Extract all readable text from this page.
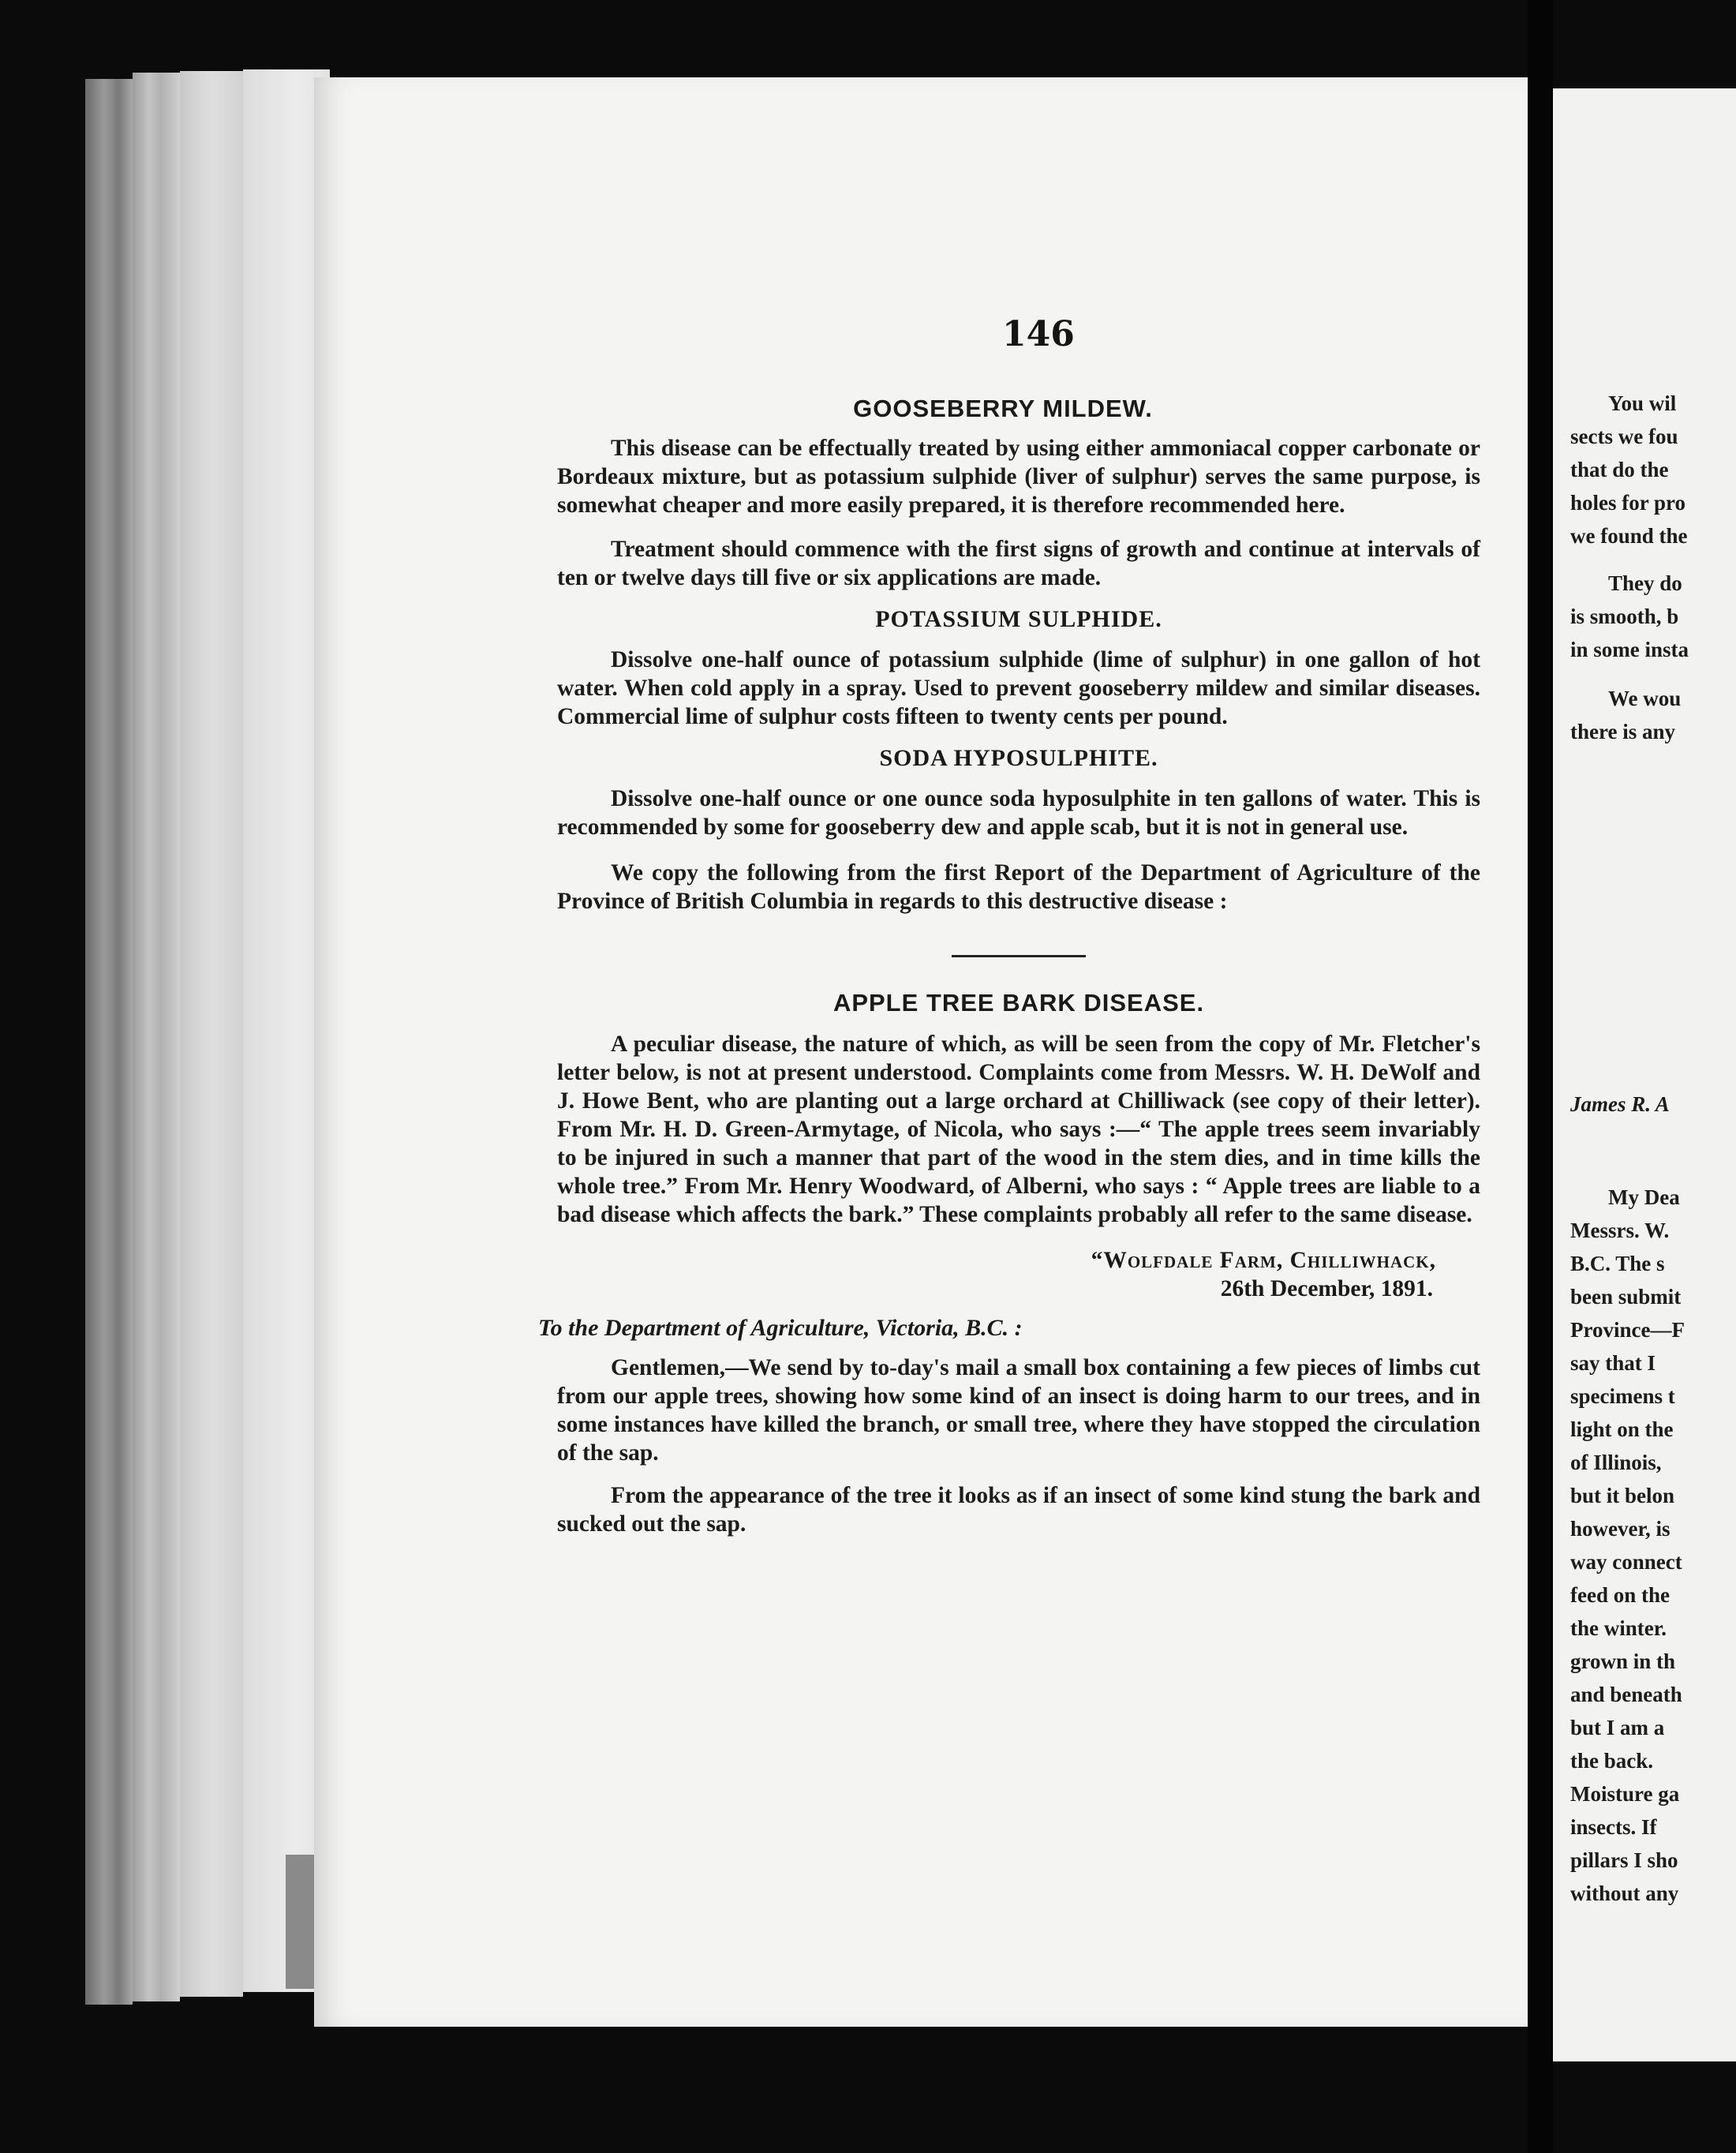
146
GOOSEBERRY MILDEW.

This disease can be effectually treated by using either ammoniacal copper carbonate or Bordeaux mixture, but as potassium sulphide (liver of sulphur) serves the same purpose, is somewhat cheaper and more easily prepared, it is therefore recommended here.

Treatment should commence with the first signs of growth and continue at intervals of ten or twelve days till five or six applications are made.

POTASSIUM SULPHIDE.

Dissolve one-half ounce of potassium sulphide (lime of sulphur) in one gallon of hot water. When cold apply in a spray. Used to prevent gooseberry mildew and similar diseases. Commercial lime of sulphur costs fifteen to twenty cents per pound.

SODA HYPOSULPHITE.

Dissolve one-half ounce or one ounce soda hyposulphite in ten gallons of water. This is recommended by some for gooseberry dew and apple scab, but it is not in general use.

We copy the following from the first Report of the Department of Agriculture of the Province of British Columbia in regards to this destructive disease :

APPLE TREE BARK DISEASE.

A peculiar disease, the nature of which, as will be seen from the copy of Mr. Fletcher's letter below, is not at present understood. Complaints come from Messrs. W. H. DeWolf and J. Howe Bent, who are planting out a large orchard at Chilliwack (see copy of their letter). From Mr. H. D. Green-Armytage, of Nicola, who says :—“ The apple trees seem invariably to be injured in such a manner that part of the wood in the stem dies, and in time kills the whole tree.” From Mr. Henry Woodward, of Alberni, who says : “ Apple trees are liable to a bad disease which affects the bark.” These complaints probably all refer to the same disease.

“Wolfdale Farm, Chilliwhack,
26th December, 1891.
To the Department of Agriculture, Victoria, B.C. :

Gentlemen,—We send by to-day's mail a small box containing a few pieces of limbs cut from our apple trees, showing how some kind of an insect is doing harm to our trees, and in some instances have killed the branch, or small tree, where they have stopped the circulation of the sap.

From the appearance of the tree it looks as if an insect of some kind stung the bark and sucked out the sap.

You wil
sects we fou
that do the
holes for pro
we found the
They do
is smooth, b
in some insta
We wou
there is any
James R. A
My Dea
Messrs. W.
B.C. The s
been submit
Province—F
say that I
specimens t
light on the
of Illinois,
but it belon
however, is
way connect
feed on the
the winter.
grown in th
and beneath
but I am a
the back.
Moisture ga
insects. If
pillars I sho
without any
